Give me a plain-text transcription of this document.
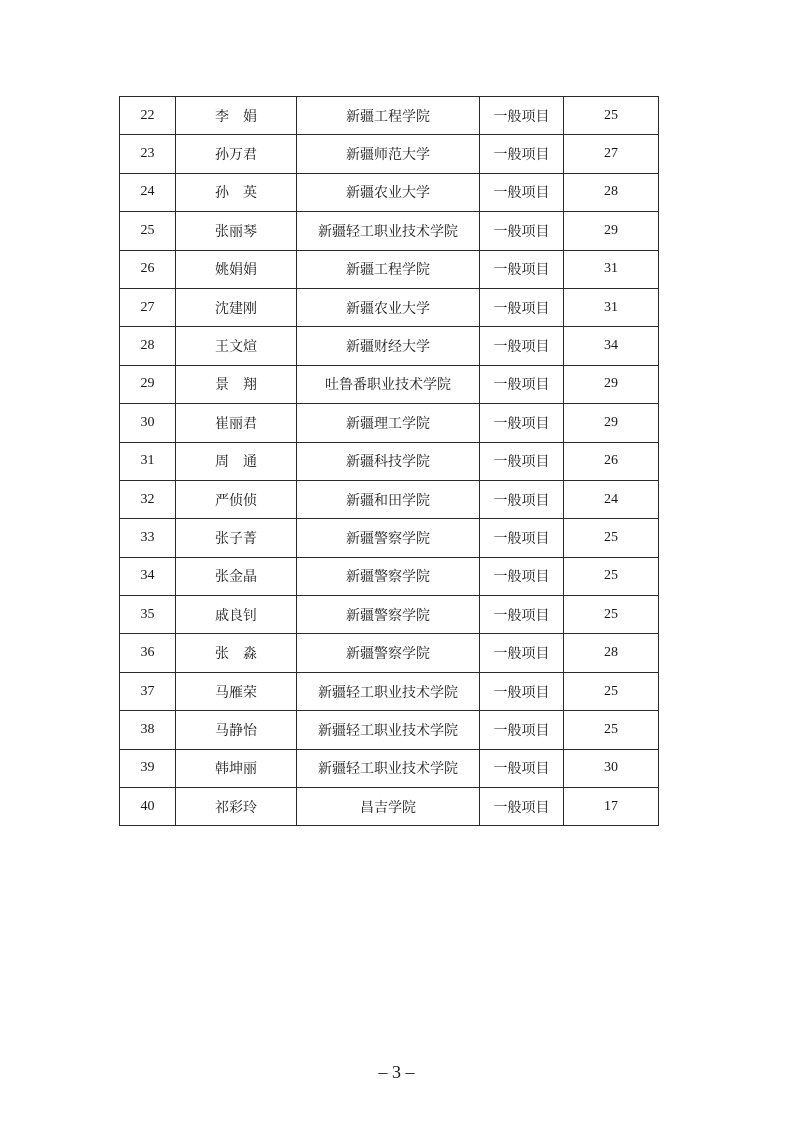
22	李　娟	新疆工程学院	一般项目	25
23	孙万君	新疆师范大学	一般项目	27
24	孙　英	新疆农业大学	一般项目	28
25	张丽琴	新疆轻工职业技术学院	一般项目	29
26	姚娟娟	新疆工程学院	一般项目	31
27	沈建刚	新疆农业大学	一般项目	31
28	王文煊	新疆财经大学	一般项目	34
29	景　翔	吐鲁番职业技术学院	一般项目	29
30	崔丽君	新疆理工学院	一般项目	29
31	周　通	新疆科技学院	一般项目	26
32	严侦侦	新疆和田学院	一般项目	24
33	张子菁	新疆警察学院	一般项目	25
34	张金晶	新疆警察学院	一般项目	25
35	戚良钊	新疆警察学院	一般项目	25
36	张　淼	新疆警察学院	一般项目	28
37	马雁荣	新疆轻工职业技术学院	一般项目	25
38	马静怡	新疆轻工职业技术学院	一般项目	25
39	韩坤丽	新疆轻工职业技术学院	一般项目	30
40	祁彩玲	昌吉学院	一般项目	17
– 3 –
